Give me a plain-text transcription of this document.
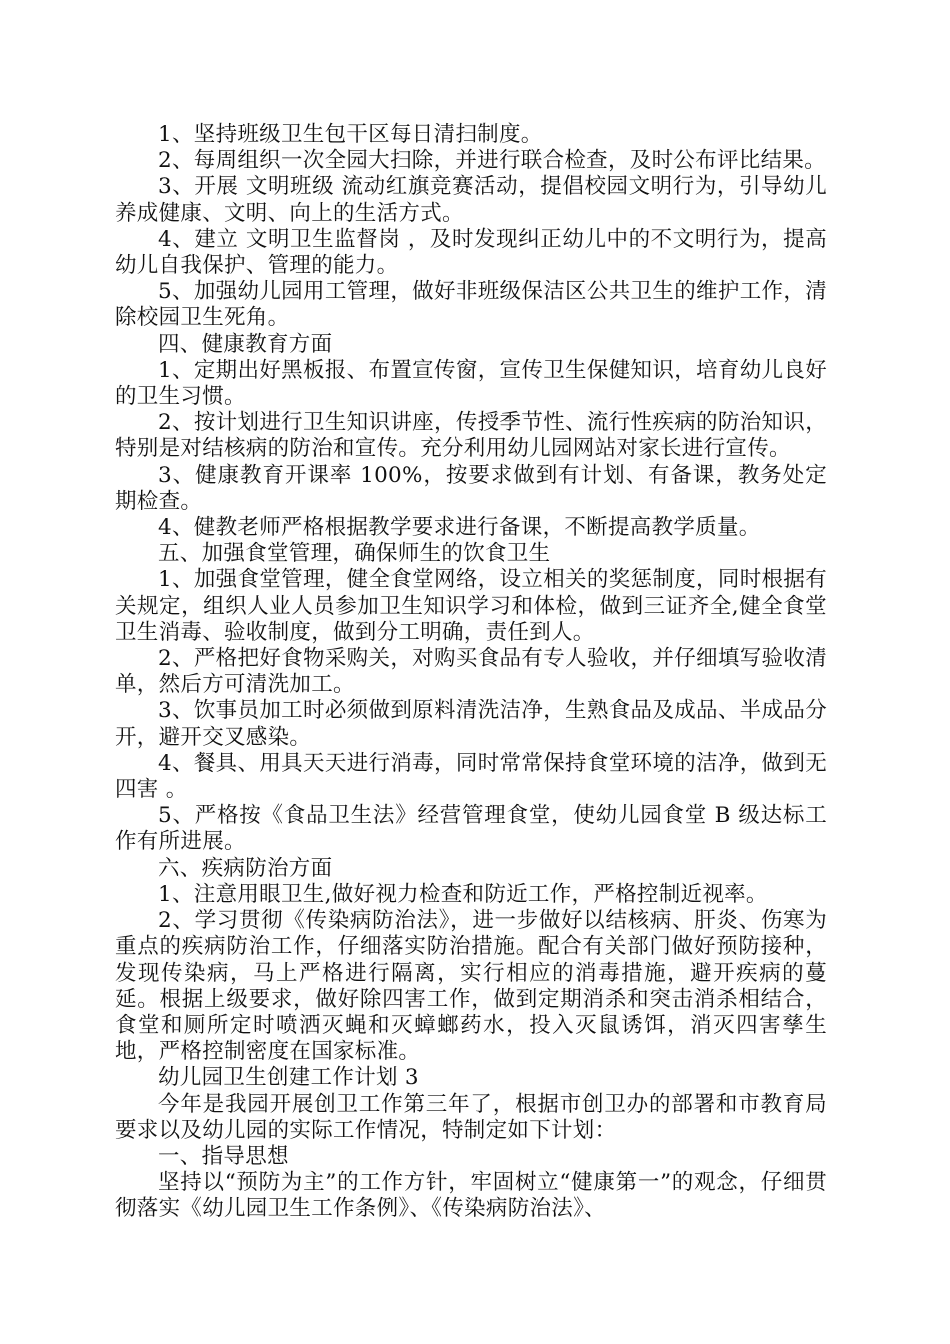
1、坚持班级卫生包干区每日清扫制度。

2、每周组织一次全园大扫除，并进行联合检查，及时公布评比结果。

3、开展 文明班级 流动红旗竞赛活动，提倡校园文明行为，引导幼儿养成健康、文明、向上的生活方式。

4、建立 文明卫生监督岗 ，及时发现纠正幼儿中的不文明行为，提高幼儿自我保护、管理的能力。

5、加强幼儿园用工管理，做好非班级保洁区公共卫生的维护工作，清除校园卫生死角。

四、健康教育方面

1、定期出好黑板报、布置宣传窗，宣传卫生保健知识，培育幼儿良好的卫生习惯。

2、按计划进行卫生知识讲座，传授季节性、流行性疾病的防治知识，特别是对结核病的防治和宣传。充分利用幼儿园网站对家长进行宣传。

3、健康教育开课率 100%，按要求做到有计划、有备课，教务处定期检查。

4、健教老师严格根据教学要求进行备课，不断提高教学质量。

五、加强食堂管理，确保师生的饮食卫生

1、加强食堂管理，健全食堂网络，设立相关的奖惩制度，同时根据有关规定，组织人业人员参加卫生知识学习和体检，做到三证齐全,健全食堂卫生消毒、验收制度，做到分工明确，责任到人。

2、严格把好食物采购关，对购买食品有专人验收，并仔细填写验收清单，然后方可清洗加工。

3、饮事员加工时必须做到原料清洗洁净，生熟食品及成品、半成品分开，避开交叉感染。

4、餐具、用具天天进行消毒，同时常常保持食堂环境的洁净，做到无 四害 。

5、严格按《食品卫生法》经营管理食堂，使幼儿园食堂 B 级达标工作有所进展。

六、疾病防治方面

1、注意用眼卫生,做好视力检查和防近工作，严格控制近视率。

2、学习贯彻《传染病防治法》，进一步做好以结核病、肝炎、伤寒为重点的疾病防治工作，仔细落实防治措施。配合有关部门做好预防接种，发现传染病，马上严格进行隔离，实行相应的消毒措施，避开疾病的蔓延。根据上级要求，做好除四害工作，做到定期消杀和突击消杀相结合，食堂和厕所定时喷洒灭蝇和灭蟑螂药水，投入灭鼠诱饵，消灭四害孳生地，严格控制密度在国家标准。

幼儿园卫生创建工作计划 3

今年是我园开展创卫工作第三年了，根据市创卫办的部署和市教育局要求以及幼儿园的实际工作情况，特制定如下计划：

一、指导思想

坚持以“预防为主”的工作方针，牢固树立“健康第一”的观念，仔细贯彻落实《幼儿园卫生工作条例》、《传染病防治法》、
